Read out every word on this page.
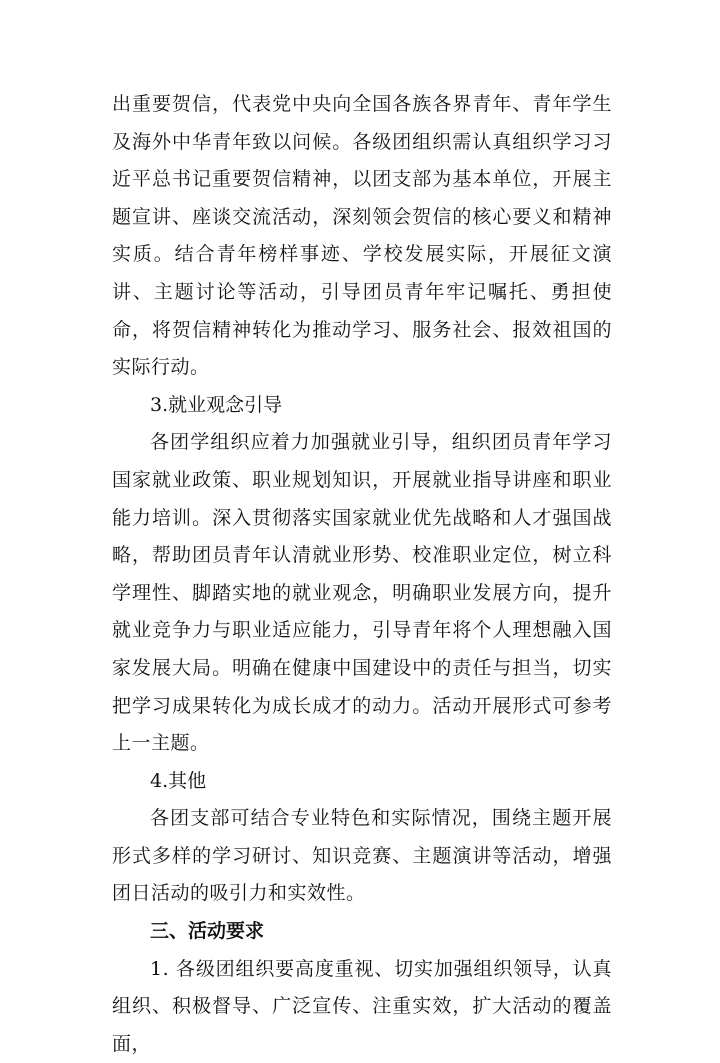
出重要贺信，代表党中央向全国各族各界青年、青年学生及海外中华青年致以问候。各级团组织需认真组织学习习近平总书记重要贺信精神，以团支部为基本单位，开展主题宣讲、座谈交流活动，深刻领会贺信的核心要义和精神实质。结合青年榜样事迹、学校发展实际，开展征文演讲、主题讨论等活动，引导团员青年牢记嘱托、勇担使命，将贺信精神转化为推动学习、服务社会、报效祖国的实际行动。

3.就业观念引导

各团学组织应着力加强就业引导，组织团员青年学习国家就业政策、职业规划知识，开展就业指导讲座和职业能力培训。深入贯彻落实国家就业优先战略和人才强国战略，帮助团员青年认清就业形势、校准职业定位，树立科学理性、脚踏实地的就业观念，明确职业发展方向，提升就业竞争力与职业适应能力，引导青年将个人理想融入国家发展大局。明确在健康中国建设中的责任与担当，切实把学习成果转化为成长成才的动力。活动开展形式可参考上一主题。

4.其他

各团支部可结合专业特色和实际情况，围绕主题开展形式多样的学习研讨、知识竞赛、主题演讲等活动，增强团日活动的吸引力和实效性。

三、活动要求

1. 各级团组织要高度重视、切实加强组织领导，认真组织、积极督导、广泛宣传、注重实效，扩大活动的覆盖面，
